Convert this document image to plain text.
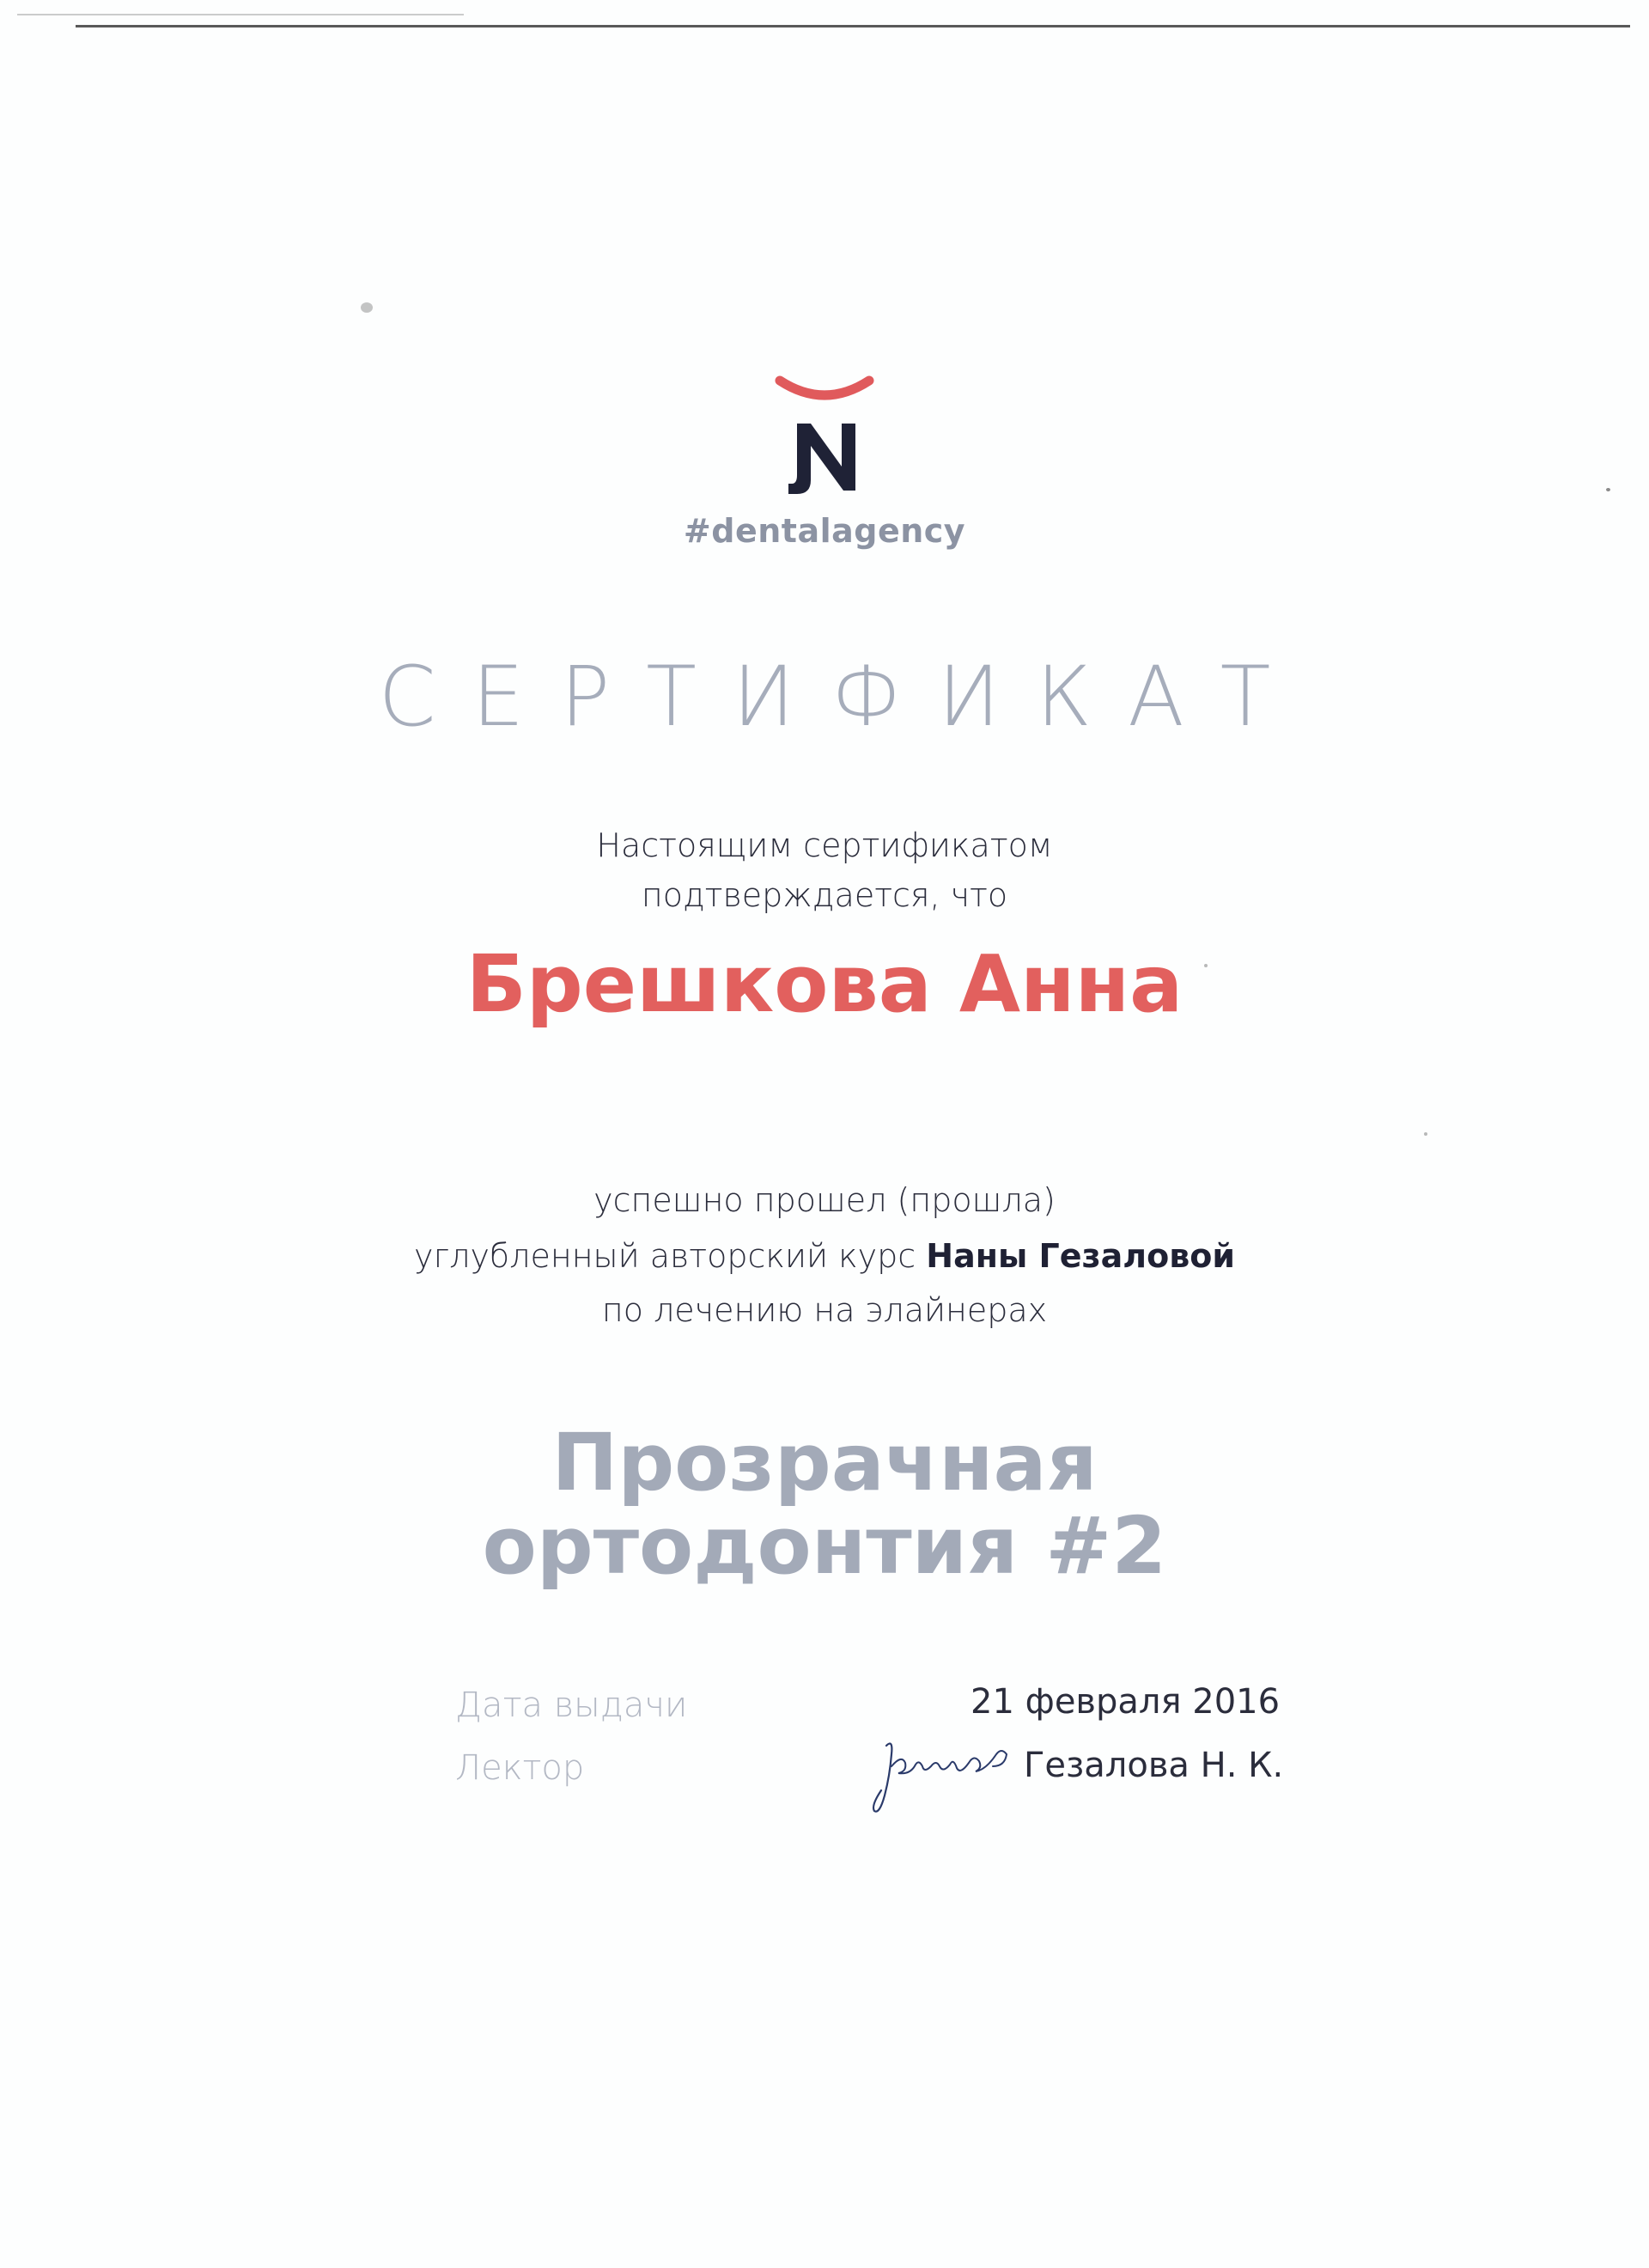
#dentalagency
СЕРТИФИКАТ
Настоящим сертификатом
подтверждается, что
Брешкова Анна
успешно прошел (прошла)
углубленный авторский курс Наны Гезаловой
по лечению на элайнерах
Прозрачная
ортодонтия #2
Дата выдачи	21 февраля 2016
Лектор	Гезалова Н. К.
